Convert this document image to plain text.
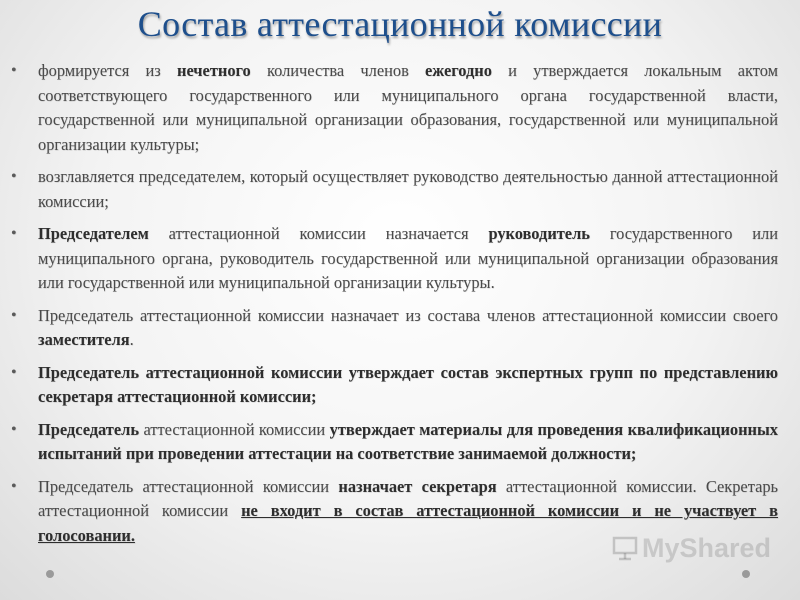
Состав аттестационной комиссии
• формируется из нечетного количества членов ежегодно и утверждается локальным актом соответствующего государственного или муниципального органа государственной власти, государственной или муниципальной организации образования, государственной или муниципальной организации культуры;
• возглавляется председателем, который осуществляет руководство деятельностью данной аттестационной комиссии;
• Председателем аттестационной комиссии назначается руководитель государственного или муниципального органа, руководитель государственной или муниципальной организации образования или государственной или муниципальной организации культуры.
• Председатель аттестационной комиссии назначает из состава членов аттестационной комиссии своего заместителя.
• Председатель аттестационной комиссии утверждает состав экспертных групп по представлению секретаря аттестационной комиссии;
• Председатель аттестационной комиссии утверждает материалы для проведения квалификационных испытаний при проведении аттестации на соответствие занимаемой должности;
• Председатель аттестационной комиссии назначает секретаря аттестационной комиссии. Секретарь аттестационной комиссии не входит в состав аттестационной комиссии и не участвует в голосовании.	MyShared
